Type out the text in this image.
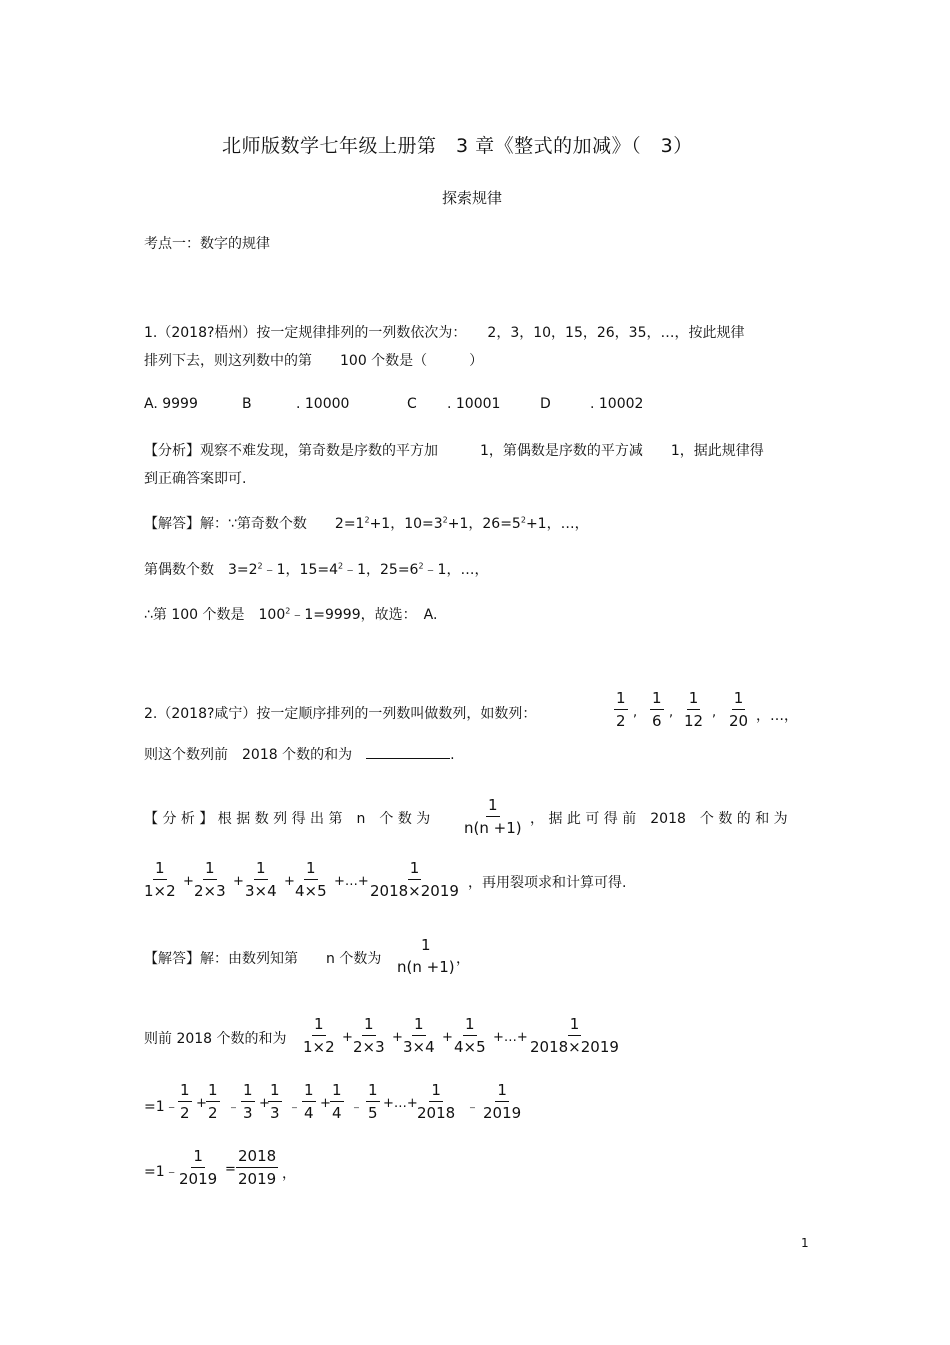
北师版数学七年级上册第　3 章《整式的加减》（　3）
探索规律
考点一：数字的规律
1.（2018?梧州）按一定规律排列的一列数依次为：　　2，3，10，15，26，35，…，按此规律
排列下去，则这列数中的第　　100 个数是（　　　）
A. 9999	B	. 10000	C . 10001	D	. 10002
【分析】观察不难发现，第奇数是序数的平方加　　　1，第偶数是序数的平方减　　1，据此规律得
到正确答案即可.
【解答】解：∵第奇数个数　　$2=1^2+1$，$10=3^2+1$，$26=5^2+1$，…，
第偶数个数　$3=2^2﹣1$，$15=4^2﹣1$，$25=6^2﹣1$，…，
∴第 100 个数是　$100^2﹣1=9999$，故选：　A.
2.（2018?咸宁）按一定顺序排列的一列数叫做数列，如数列：	$\frac{1}{2}$ , $\frac{1}{6}$ , $\frac{1}{12}$ , $\frac{1}{20}$ ，…，
则这个数列前　2018 个数的和为　	.
【 分 析 】 根 据 数 列 得 出 第　n　个 数 为 $\frac{1}{n(n +1)}$ ， 据 此 可 得 前　2018　个 数 的 和 为
$\frac{1}{1\times 2} + \frac{1}{2\times 3} + \frac{1}{3\times 4} + \frac{1}{4\times 5}$ +…+ $\frac{1}{2018\times 2019}$ ，再用裂项求和计算可得.
【解答】解：由数列知第　　n 个数为
1
n(n +1) ，
则前 2018 个数的和为 $\frac{1}{1\times 2} + \frac{1}{2\times 3} + \frac{1}{3\times 4} + \frac{1}{4\times 5}$ +…+ $\frac{1}{2018\times 2019}$
=1﹣ $\frac{1}{2} + \frac{1}{2}$ ﹣ $\frac{1}{3}$ +
$\frac{1}{3}$ ﹣ $\frac{1}{4} + \frac{1}{4}$ ﹣ $\frac{1}{5}$ +…+ $\frac{1}{2018}$ ﹣ $\frac{1}{2019}$
=1﹣ $\frac{1}{2019} = \frac{2018}{2019}$ ，
1
